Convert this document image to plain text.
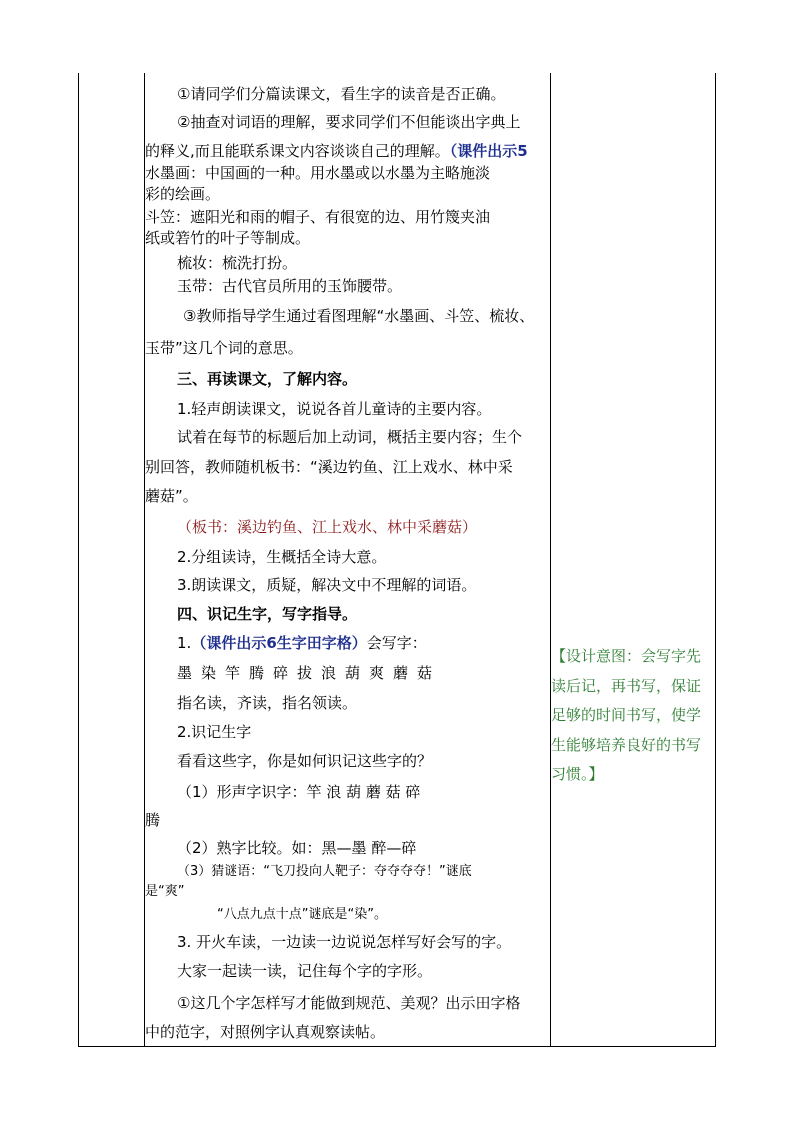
①请同学们分篇读课文，看生字的读音是否正确。
②抽查对词语的理解，要求同学们不但能谈出字典上
的释义,而且能联系课文内容谈谈自己的理解。（课件出示5
水墨画：中国画的一种。用水墨或以水墨为主略施淡
彩的绘画。
斗笠：遮阳光和雨的帽子、有很宽的边、用竹篾夹油
纸或箬竹的叶子等制成。
梳妆：梳洗打扮。
玉带：古代官员所用的玉饰腰带。
③教师指导学生通过看图理解“水墨画、斗笠、梳妆、
玉带”这几个词的意思。
三、再读课文，了解内容。
1.轻声朗读课文，说说各首儿童诗的主要内容。
试着在每节的标题后加上动词，概括主要内容；生个
别回答，教师随机板书：“溪边钓鱼、江上戏水、林中采
蘑菇”。
（板书：溪边钓鱼、江上戏水、林中采蘑菇）
2.分组读诗，生概括全诗大意。
3.朗读课文，质疑，解决文中不理解的词语。
四、识记生字，写字指导。
1.（课件出示6生字田字格）会写字：
墨染竿腾碎拔浪葫爽蘑菇
指名读，齐读，指名领读。
2.识记生字
看看这些字，你是如何识记这些字的？
（1）形声字识字：竿 浪 葫 蘑 菇 碎
腾
（2）熟字比较。如：黑—墨 醉—碎
（3）猜谜语：“飞刀投向人靶子：夺夺夺夺！”谜底
是“爽”
“八点九点十点”谜底是“染”。
3. 开火车读，一边读一边说说怎样写好会写的字。
大家一起读一读，记住每个字的字形。
①这几个字怎样写才能做到规范、美观？出示田字格
中的范字，对照例字认真观察读帖。
【设计意图：会写字先
读后记，再书写，保证
足够的时间书写，使学
生能够培养良好的书写
习惯。】
